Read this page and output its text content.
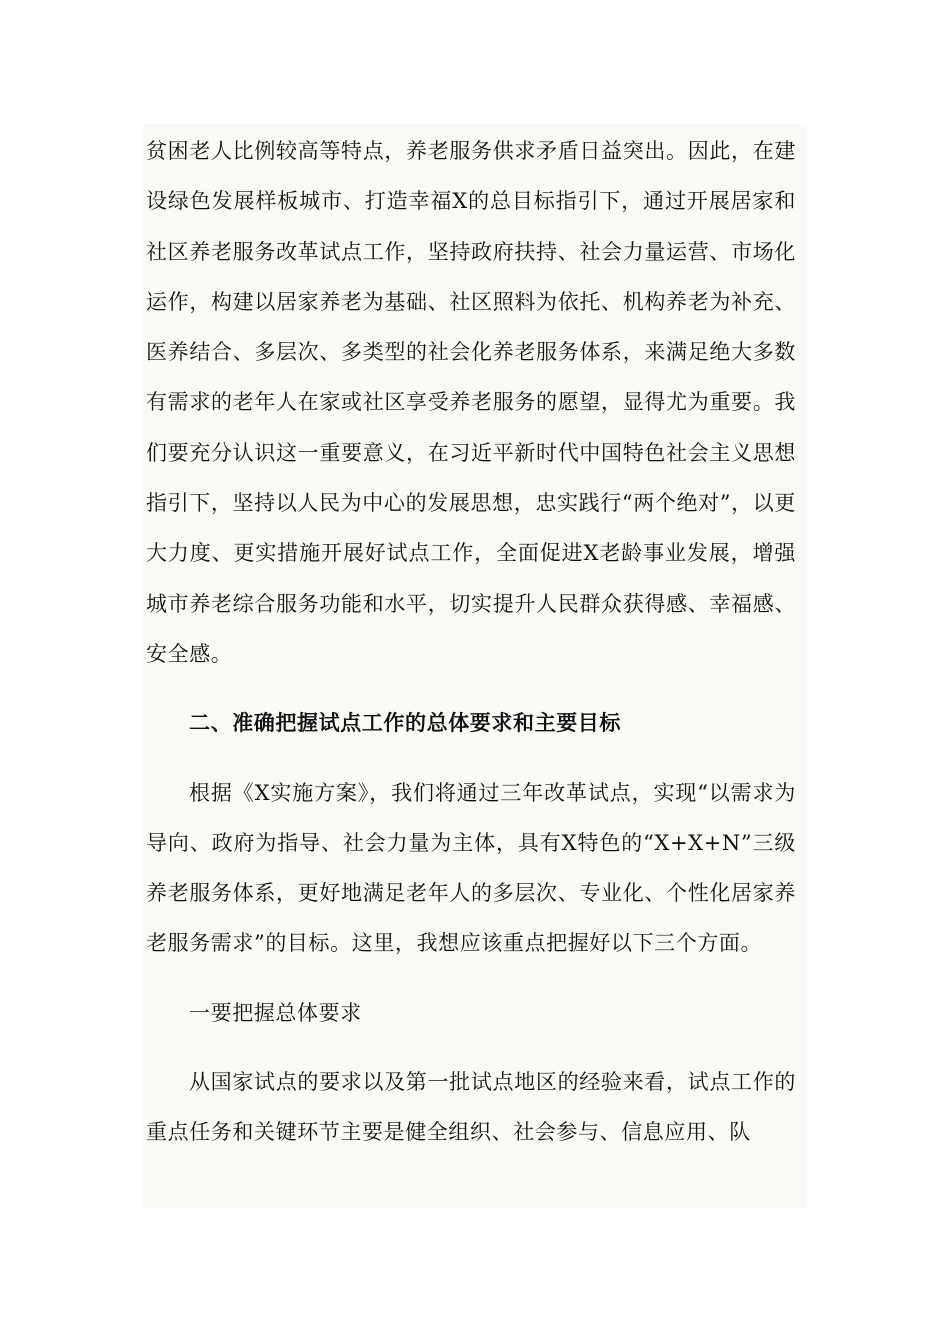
贫困老人比例较高等特点，养老服务供求矛盾日益突出。因此，在建设绿色发展样板城市、打造幸福X的总目标指引下，通过开展居家和社区养老服务改革试点工作，坚持政府扶持、社会力量运营、市场化运作，构建以居家养老为基础、社区照料为依托、机构养老为补充、医养结合、多层次、多类型的社会化养老服务体系，来满足绝大多数有需求的老年人在家或社区享受养老服务的愿望，显得尤为重要。我们要充分认识这一重要意义，在习近平新时代中国特色社会主义思想指引下，坚持以人民为中心的发展思想，忠实践行“两个绝对”，以更大力度、更实措施开展好试点工作，全面促进X老龄事业发展，增强城市养老综合服务功能和水平，切实提升人民群众获得感、幸福感、安全感。

二、准确把握试点工作的总体要求和主要目标

根据《X实施方案》，我们将通过三年改革试点，实现“以需求为导向、政府为指导、社会力量为主体，具有X特色的“X+X+N”三级养老服务体系，更好地满足老年人的多层次、专业化、个性化居家养老服务需求”的目标。这里，我想应该重点把握好以下三个方面。

一要把握总体要求

从国家试点的要求以及第一批试点地区的经验来看，试点工作的重点任务和关键环节主要是健全组织、社会参与、信息应用、队
